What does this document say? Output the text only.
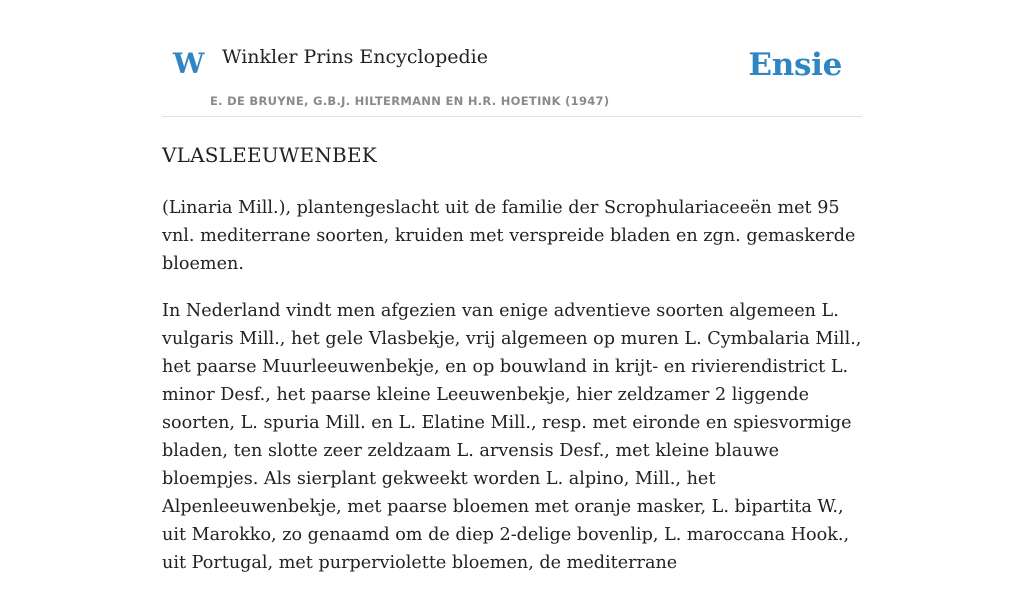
W Winkler Prins Encyclopedie
E. DE BRUYNE, G.B.J. HILTERMANN EN H.R. HOETINK (1947)
Ensie
VLASLEEUWENBEK

(Linaria Mill.), plantengeslacht uit de familie der Scrophulariaceeën met 95 vnl. mediterrane soorten, kruiden met verspreide bladen en zgn. gemaskerde bloemen.

In Nederland vindt men afgezien van enige adventieve soorten algemeen L. vulgaris Mill., het gele Vlasbekje, vrij algemeen op muren L. Cymbalaria Mill., het paarse Muurleeuwenbekje, en op bouwland in krijt- en rivierendistrict L. minor Desf., het paarse kleine Leeuwenbekje, hier zeldzamer 2 liggende soorten, L. spuria Mill. en L. Elatine Mill., resp. met eironde en spiesvormige bladen, ten slotte zeer zeldzaam L. arvensis Desf., met kleine blauwe bloempjes. Als sierplant gekweekt worden L. alpino, Mill., het Alpenleeuwenbekje, met paarse bloemen met oranje masker, L. bipartita W., uit Marokko, zo genaamd om de diep 2-delige bovenlip, L. maroccana Hook., uit Portugal, met purperviolette bloemen, de mediterrane
